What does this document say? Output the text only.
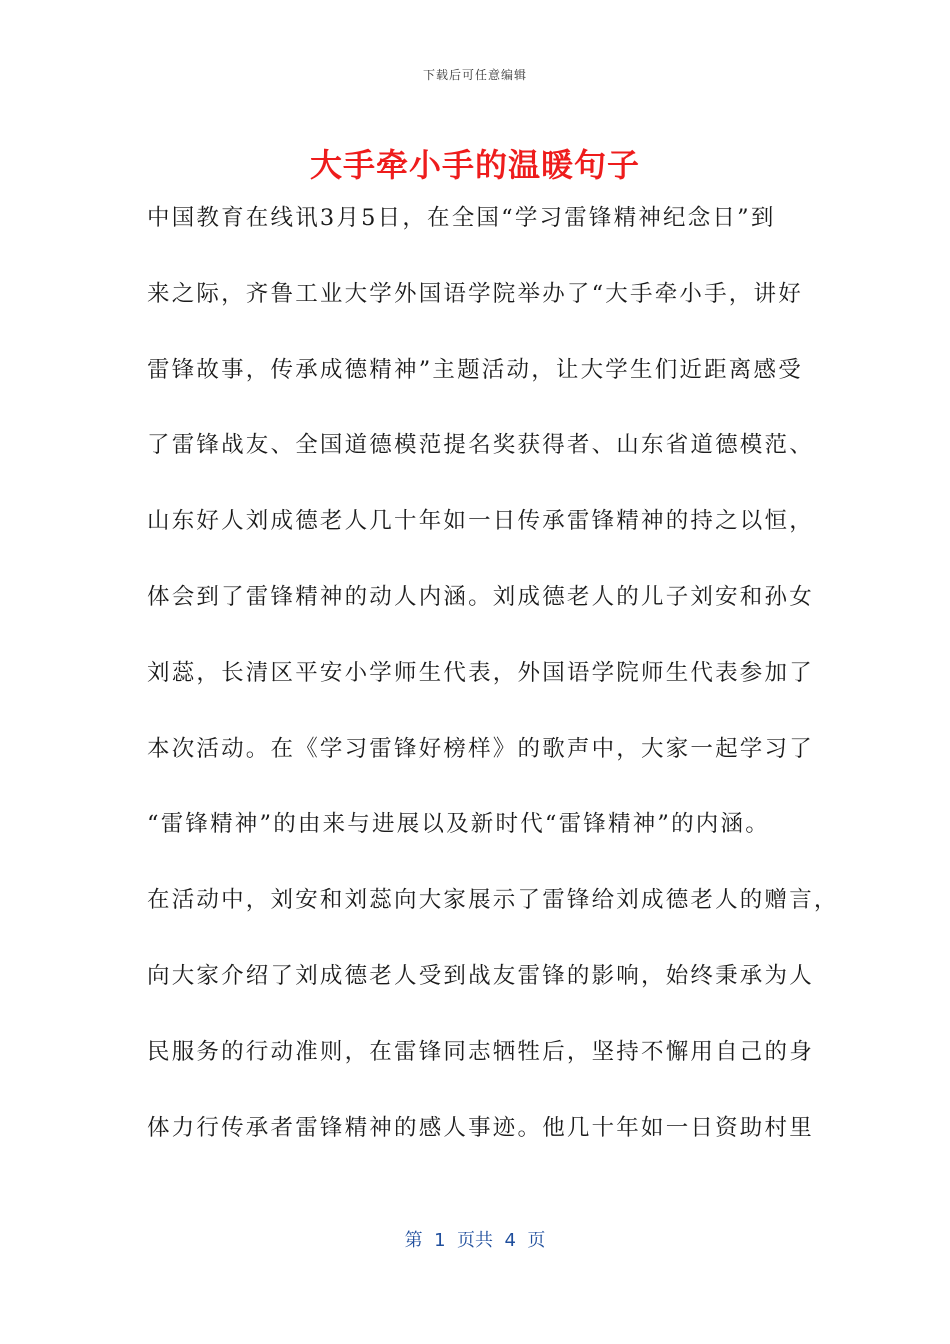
下载后可任意编辑
大手牵小手的温暖句子
中国教育在线讯3月5日，在全国“学习雷锋精神纪念日”到
来之际，齐鲁工业大学外国语学院举办了“大手牵小手，讲好
雷锋故事，传承成德精神”主题活动，让大学生们近距离感受
了雷锋战友、全国道德模范提名奖获得者、山东省道德模范、
山东好人刘成德老人几十年如一日传承雷锋精神的持之以恒，
体会到了雷锋精神的动人内涵。刘成德老人的儿子刘安和孙女
刘蕊，长清区平安小学师生代表，外国语学院师生代表参加了
本次活动。在《学习雷锋好榜样》的歌声中，大家一起学习了
“雷锋精神”的由来与进展以及新时代“雷锋精神”的内涵。
在活动中，刘安和刘蕊向大家展示了雷锋给刘成德老人的赠言，
向大家介绍了刘成德老人受到战友雷锋的影响，始终秉承为人
民服务的行动准则，在雷锋同志牺牲后，坚持不懈用自己的身
体力行传承者雷锋精神的感人事迹。他几十年如一日资助村里
第  1  页共  4  页
